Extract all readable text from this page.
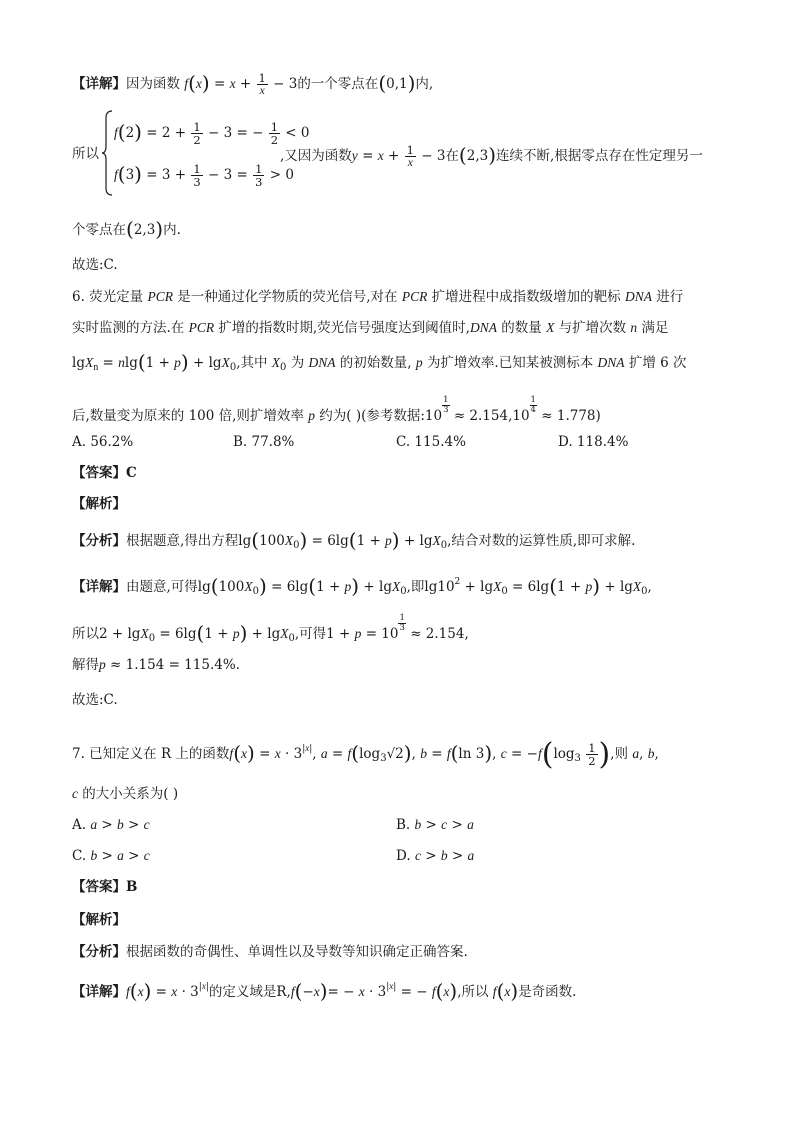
【详解】因为函数 $f(x) = x + \frac{1}{x} - 3$的一个零点在(0,1)内,
所以
$f(2) = 2 + \frac{1}{2} - 3$ = − $\frac{1}{2} < 0$
$f(3) = 3 + \frac{1}{3} - 3 = \frac{1}{3} > 0$
,又因为函数$y = x + \frac{1}{x} - 3$在(2,3)连续不断,根据零点存在性定理另一
个零点在(2,3)内.
故选:C.
6. 荧光定量 PCR 是一种通过化学物质的荧光信号,对在 PCR 扩增进程中成指数级增加的靶标 DNA 进行
实时监测的方法.在 PCR 扩增的指数时期,荧光信号强度达到阈值时,DNA 的数量 X 与扩增次数 n 满足
lgX$_n$ = nlg(1 + p) + lgX$_0$,其中 $X_0$ 为 DNA 的初始数量, p 为扩增效率.已知某被测标本 DNA 扩增 6 次
后,数量变为原来的 100 倍,则扩增效率 p 约为( )(参考数据:10
$\frac{1}{3}$
≈ 2.154,10
$\frac{1}{4}$
≈ 1.778)
A. 56.2%	B. 77.8%	C. 115.4%	D. 118.4%
【答案】C
【解析】
【分析】根据题意,得出方程$\lg(100X_0) = 6\lg(1 + p) + \lg X_0$,结合对数的运算性质,即可求解.
【详解】由题意,可得$\lg(100X_0) = 6\lg(1 + p) + \lg X_0$,即$\lg 10^2 + \lg X_0 = 6\lg(1 + p) + \lg X_0$,
所以2 + lgX$_0$ = 6lg(1 + p) + lgX$_0$,可得1 + p = 10
$\frac{1}{3}$
≈ 2.154,
解得p ≈ 1.154 = 115.4%.
故选:C.
7. 已知定义在 R 上的函数$f(x) = x \cdot 3^{|x|}$, $a = f(\log_3√2)$, b = f(ln 3), $c = -f(\log_3 \frac{1}{2}$ ),则 a, b,
c 的大小关系为( )
A. a > b > c	B. b > c > a
C. b > a > c	D. c > b > a
【答案】B
【解析】
【分析】根据函数的奇偶性、单调性以及导数等知识确定正确答案.
【详解】$f(x) = x \cdot 3^{|x|}$的定义域是$R,f(-x)= - x \cdot 3^{|x|}$ = − f(x),所以 f(x)是奇函数.
